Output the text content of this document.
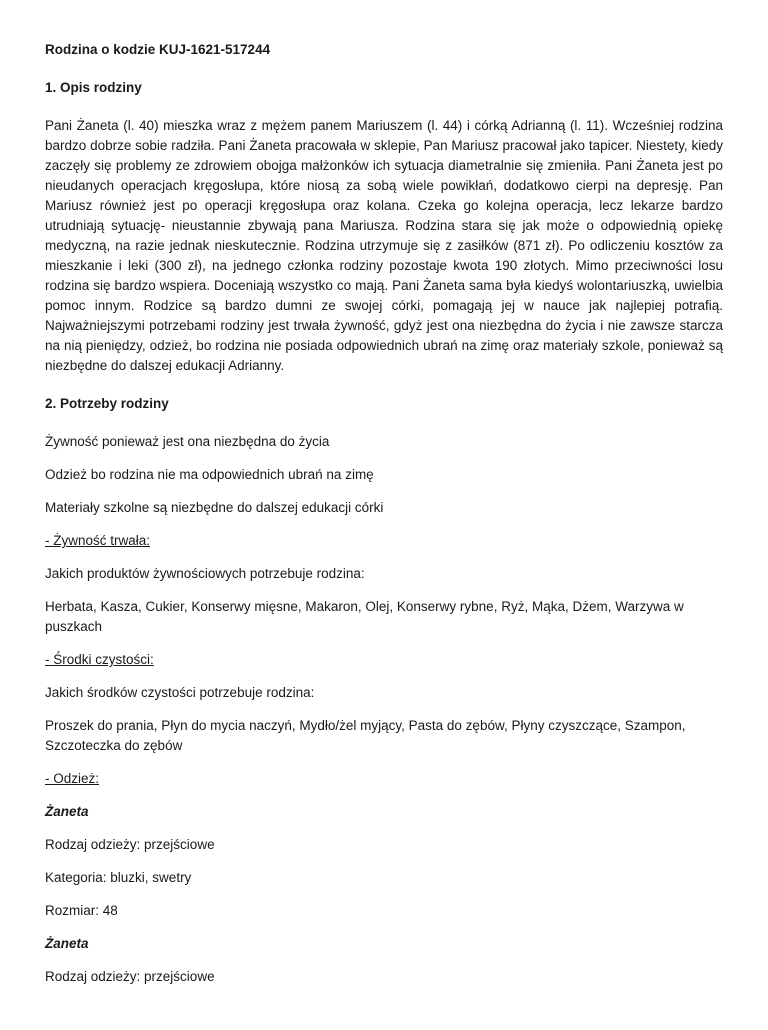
Rodzina o kodzie KUJ-1621-517244

1. Opis rodziny

Pani Żaneta (l. 40) mieszka wraz z mężem panem Mariuszem (l. 44) i córką Adrianną (l. 11). Wcześniej rodzina bardzo dobrze sobie radziła. Pani Żaneta pracowała w sklepie, Pan Mariusz pracował jako tapicer. Niestety, kiedy zaczęły się problemy ze zdrowiem obojga małżonków ich sytuacja diametralnie się zmieniła. Pani Żaneta jest po nieudanych operacjach kręgosłupa, które niosą za sobą wiele powikłań, dodatkowo cierpi na depresję. Pan Mariusz również jest po operacji kręgosłupa oraz kolana. Czeka go kolejna operacja, lecz lekarze bardzo utrudniają sytuację- nieustannie zbywają pana Mariusza. Rodzina stara się jak może o odpowiednią opiekę medyczną, na razie jednak nieskutecznie. Rodzina utrzymuje się z zasiłków (871 zł). Po odliczeniu kosztów za mieszkanie i leki (300 zł), na jednego członka rodziny pozostaje kwota 190 złotych. Mimo przeciwności losu rodzina się bardzo wspiera. Doceniają wszystko co mają. Pani Żaneta sama była kiedyś wolontariuszką, uwielbia pomoc innym. Rodzice są bardzo dumni ze swojej córki, pomagają jej w nauce jak najlepiej potrafią. Najważniejszymi potrzebami rodziny jest trwała żywność, gdyż jest ona niezbędna do życia i nie zawsze starcza na nią pieniędzy, odzież, bo rodzina nie posiada odpowiednich ubrań na zimę oraz materiały szkole, ponieważ są niezbędne do dalszej edukacji Adrianny.

2. Potrzeby rodziny

Żywność ponieważ jest ona niezbędna do życia

Odzież bo rodzina nie ma odpowiednich ubrań na zimę

Materiały szkolne są niezbędne do dalszej edukacji córki

- Żywność trwała:

Jakich produktów żywnościowych potrzebuje rodzina:

Herbata, Kasza, Cukier, Konserwy mięsne, Makaron, Olej, Konserwy rybne, Ryż, Mąka, Dżem, Warzywa w puszkach

- Środki czystości:

Jakich środków czystości potrzebuje rodzina:

Proszek do prania, Płyn do mycia naczyń, Mydło/żel myjący, Pasta do zębów, Płyny czyszczące, Szampon, Szczoteczka do zębów

- Odzież:

Żaneta

Rodzaj odzieży: przejściowe

Kategoria: bluzki, swetry

Rozmiar: 48

Żaneta

Rodzaj odzieży: przejściowe
